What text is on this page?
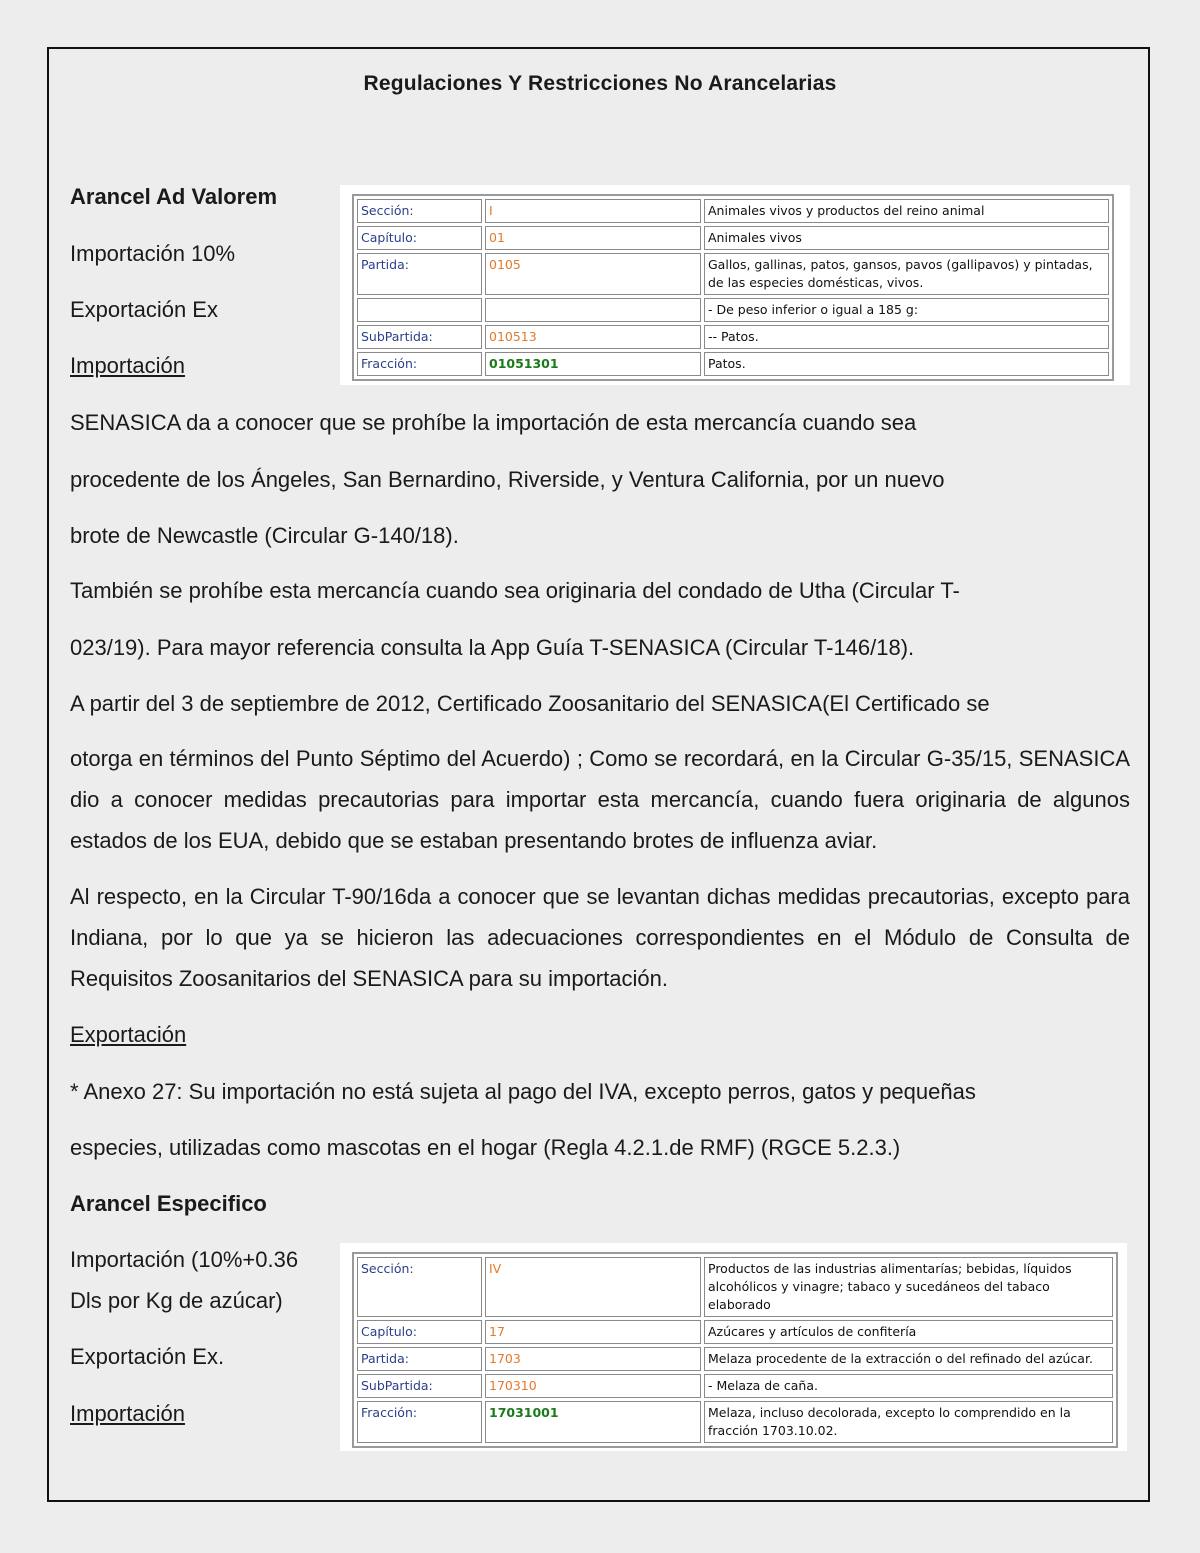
Regulaciones Y Restricciones No Arancelarias
Arancel Ad Valorem
Importación 10%
Exportación Ex
Importación
Sección:	I	Animales vivos y productos del reino animal
Capítulo:	01	Animales vivos
Partida:	0105	Gallos, gallinas, patos, gansos, pavos (gallipavos) y pintadas, de las especies domésticas, vivos.
		- De peso inferior o igual a 185 g:
SubPartida:	010513	-- Patos.
Fracción:	01051301	Patos.
SENASICA da a conocer que se prohíbe la importación de esta mercancía cuando sea
procedente de los Ángeles, San Bernardino, Riverside, y Ventura California, por un nuevo
brote de Newcastle (Circular G-140/18).
También se prohíbe esta mercancía cuando sea originaria del condado de Utha (Circular T-
023/19). Para mayor referencia consulta la App Guía T-SENASICA (Circular T-146/18).
A partir del 3 de septiembre de 2012, Certificado Zoosanitario del SENASICA(El Certificado se
otorga en términos del Punto Séptimo del Acuerdo) ; Como se recordará, en la Circular G-35/15, SENASICA dio a conocer medidas precautorias para importar esta mercancía, cuando fuera originaria de algunos estados de los EUA, debido que se estaban presentando brotes de influenza aviar.
Al respecto, en la Circular T-90/16da a conocer que se levantan dichas medidas precautorias, excepto para Indiana, por lo que ya se hicieron las adecuaciones correspondientes en el Módulo de Consulta de Requisitos Zoosanitarios del SENASICA para su importación.
Exportación
* Anexo 27: Su importación no está sujeta al pago del IVA, excepto perros, gatos y pequeñas
especies, utilizadas como mascotas en el hogar (Regla 4.2.1.de RMF) (RGCE 5.2.3.)
Arancel Especifico
Importación (10%+0.36
Dls por Kg de azúcar)
Exportación Ex.
Importación
Sección:	IV	Productos de las industrias alimentarías; bebidas, líquidos alcohólicos y vinagre; tabaco y sucedáneos del tabaco elaborado
Capítulo:	17	Azúcares y artículos de confitería
Partida:	1703	Melaza procedente de la extracción o del refinado del azúcar.
SubPartida:	170310	- Melaza de caña.
Fracción:	17031001	Melaza, incluso decolorada, excepto lo comprendido en la fracción 1703.10.02.
